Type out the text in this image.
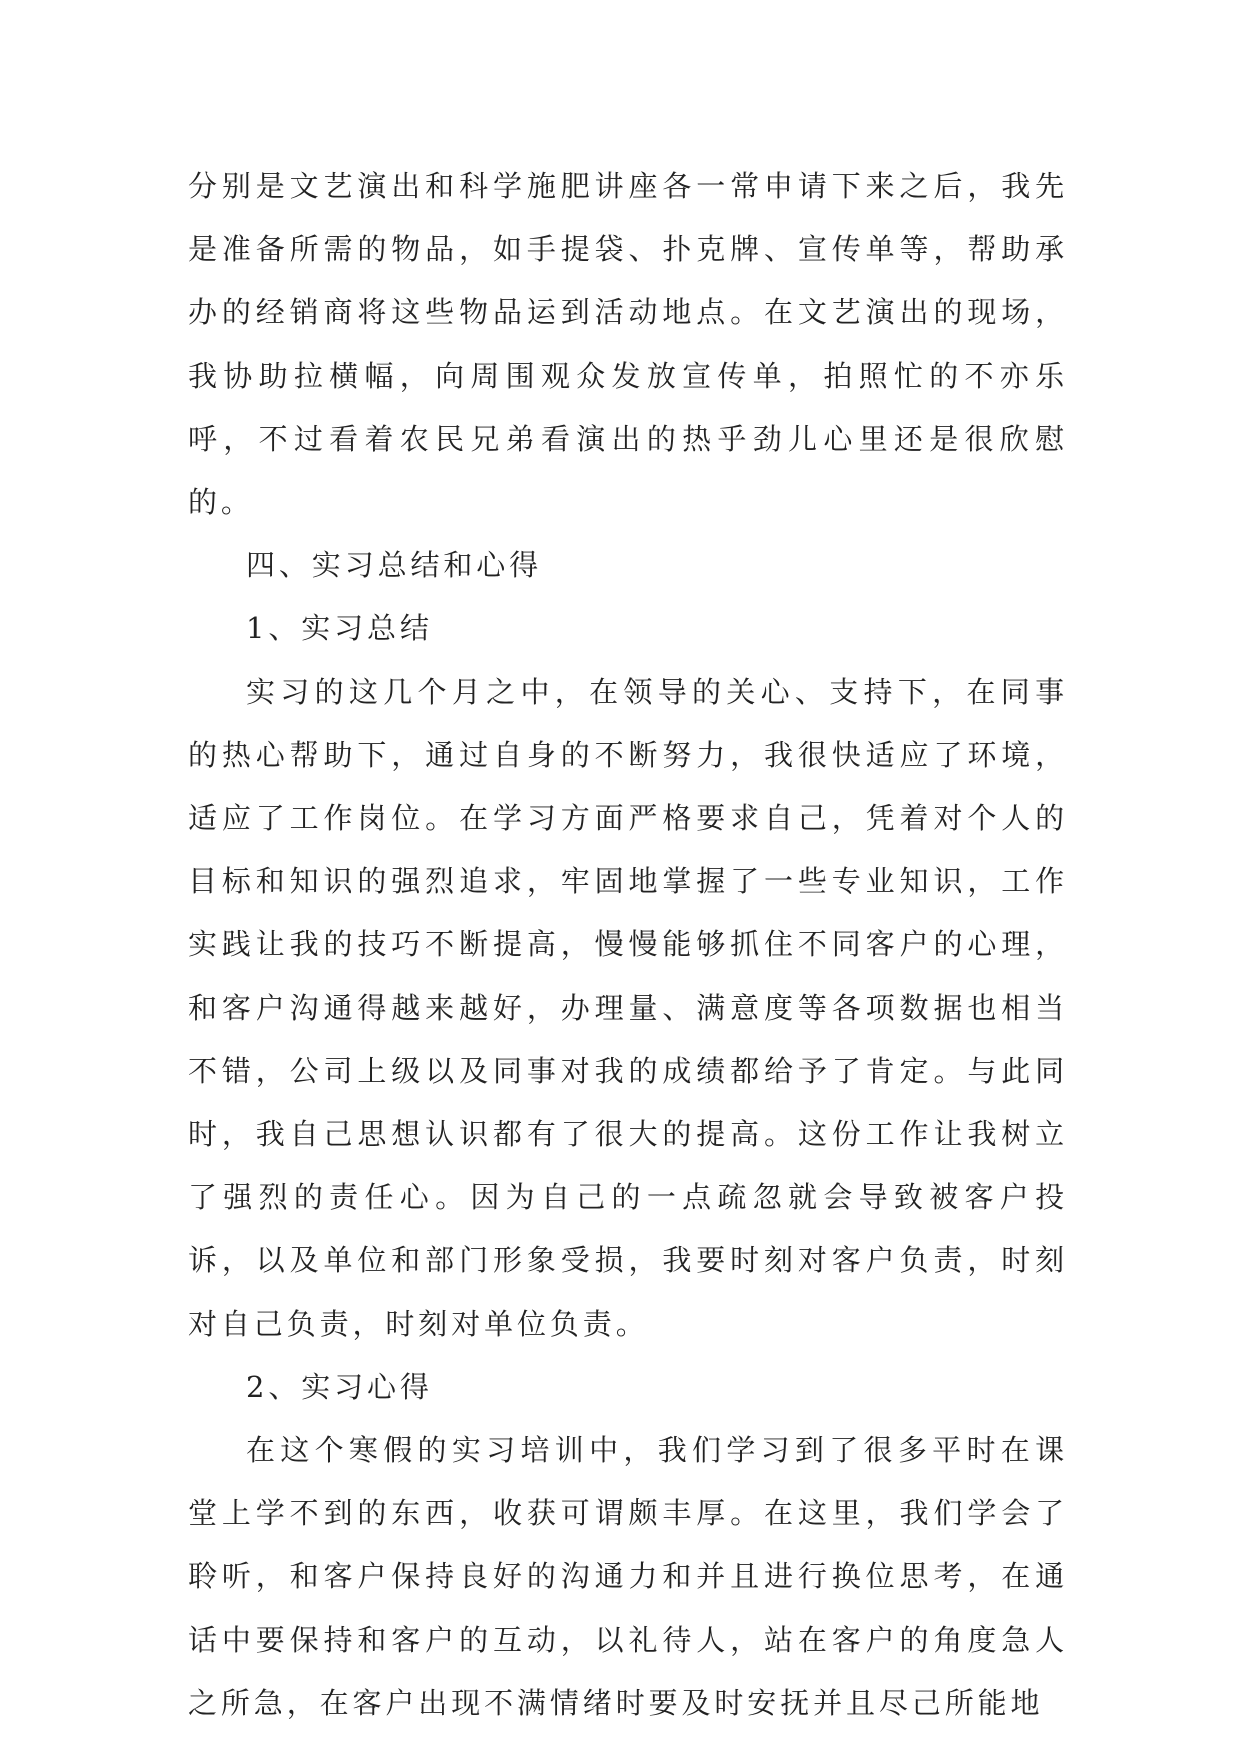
分别是文艺演出和科学施肥讲座各一常申请下来之后，我先是准备所需的物品，如手提袋、扑克牌、宣传单等，帮助承办的经销商将这些物品运到活动地点。在文艺演出的现场，我协助拉横幅，向周围观众发放宣传单，拍照忙的不亦乐呼，不过看着农民兄弟看演出的热乎劲儿心里还是很欣慰的。

四、实习总结和心得

1、实习总结

实习的这几个月之中，在领导的关心、支持下，在同事的热心帮助下，通过自身的不断努力，我很快适应了环境，适应了工作岗位。在学习方面严格要求自己，凭着对个人的目标和知识的强烈追求，牢固地掌握了一些专业知识，工作实践让我的技巧不断提高，慢慢能够抓住不同客户的心理，和客户沟通得越来越好，办理量、满意度等各项数据也相当不错，公司上级以及同事对我的成绩都给予了肯定。与此同时，我自己思想认识都有了很大的提高。这份工作让我树立了强烈的责任心。因为自己的一点疏忽就会导致被客户投诉，以及单位和部门形象受损，我要时刻对客户负责，时刻对自己负责，时刻对单位负责。

2、实习心得

在这个寒假的实习培训中，我们学习到了很多平时在课堂上学不到的东西，收获可谓颇丰厚。在这里，我们学会了聆听，和客户保持良好的沟通力和并且进行换位思考，在通话中要保持和客户的互动，以礼待人，站在客户的角度急人之所急，在客户出现不满情绪时要及时安抚并且尽己所能地
